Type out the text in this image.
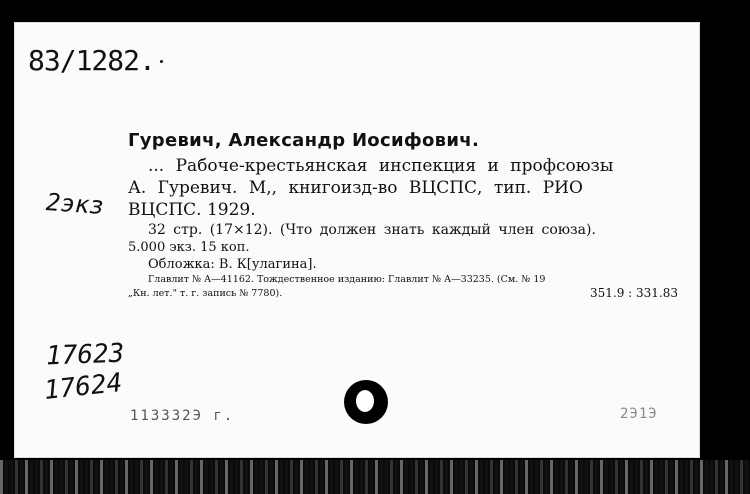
83/1282.
2экз
17623
17624
Гуревич, Александр Иосифович.
... Рабоче-крестьянская инспекция и профсоюзы
А. Гуревич. М,, книгоизд-во ВЦСПС, тип. РИО
ВЦСПС. 1929.
32 стр. (17×12). (Что должен знать каждый член союза).
5.000 экз. 15 коп.
Обложка: В. К[улагина].
Главлит № А—41162. Тождественное изданию: Главлит № А—33235. (См. № 19
„Кн. лет." т. г. запись № 7780).	351.9 : 331.83
11ЗЗЗ2Э г.	2Э1Э
